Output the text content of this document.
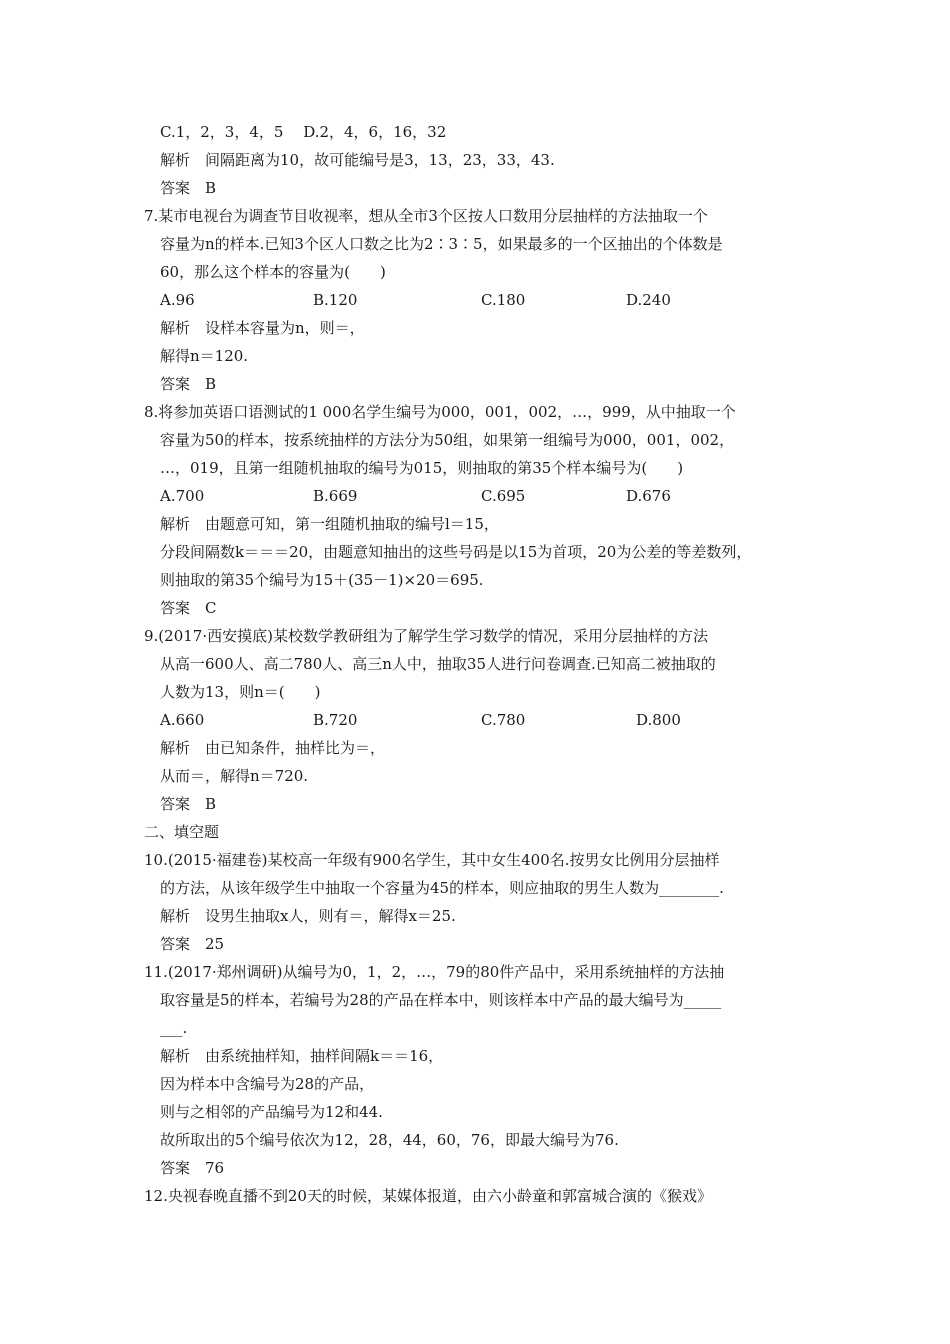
C.1，2，3，4，5　 D.2，4，6，16，32
解析　间隔距离为10，故可能编号是3，13，23，33，43.
答案　B
7.某市电视台为调查节目收视率，想从全市3个区按人口数用分层抽样的方法抽取一个
容量为n的样本.已知3个区人口数之比为2∶3∶5，如果最多的一个区抽出的个体数是
60，那么这个样本的容量为(　　)
A.96	B.120	C.180	D.240
解析　设样本容量为n，则＝，
解得n＝120.
答案　B
8.将参加英语口语测试的1 000名学生编号为000，001，002，…，999，从中抽取一个
容量为50的样本，按系统抽样的方法分为50组，如果第一组编号为000，001，002，
…，019，且第一组随机抽取的编号为015，则抽取的第35个样本编号为(　　)
A.700	B.669	C.695	D.676
解析　由题意可知，第一组随机抽取的编号l＝15，
分段间隔数k＝＝＝20，由题意知抽出的这些号码是以15为首项，20为公差的等差数列，
则抽取的第35个编号为15＋(35－1)×20＝695.
答案　C
9.(2017·西安摸底)某校数学教研组为了解学生学习数学的情况，采用分层抽样的方法
从高一600人、高二780人、高三n人中，抽取35人进行问卷调查.已知高二被抽取的
人数为13，则n＝(　　)
A.660	B.720	C.780	D.800
解析　由已知条件，抽样比为＝，
从而＝，解得n＝720.
答案　B
二、填空题
10.(2015·福建卷)某校高一年级有900名学生，其中女生400名.按男女比例用分层抽样
的方法，从该年级学生中抽取一个容量为45的样本，则应抽取的男生人数为________.
解析　设男生抽取x人，则有＝，解得x＝25.
答案　25
11.(2017·郑州调研)从编号为0，1，2，…，79的80件产品中，采用系统抽样的方法抽
取容量是5的样本，若编号为28的产品在样本中，则该样本中产品的最大编号为_____
___.
解析　由系统抽样知，抽样间隔k＝＝16，
因为样本中含编号为28的产品，
则与之相邻的产品编号为12和44.
故所取出的5个编号依次为12，28，44，60，76，即最大编号为76.
答案　76
12.央视春晚直播不到20天的时候，某媒体报道，由六小龄童和郭富城合演的《猴戏》
